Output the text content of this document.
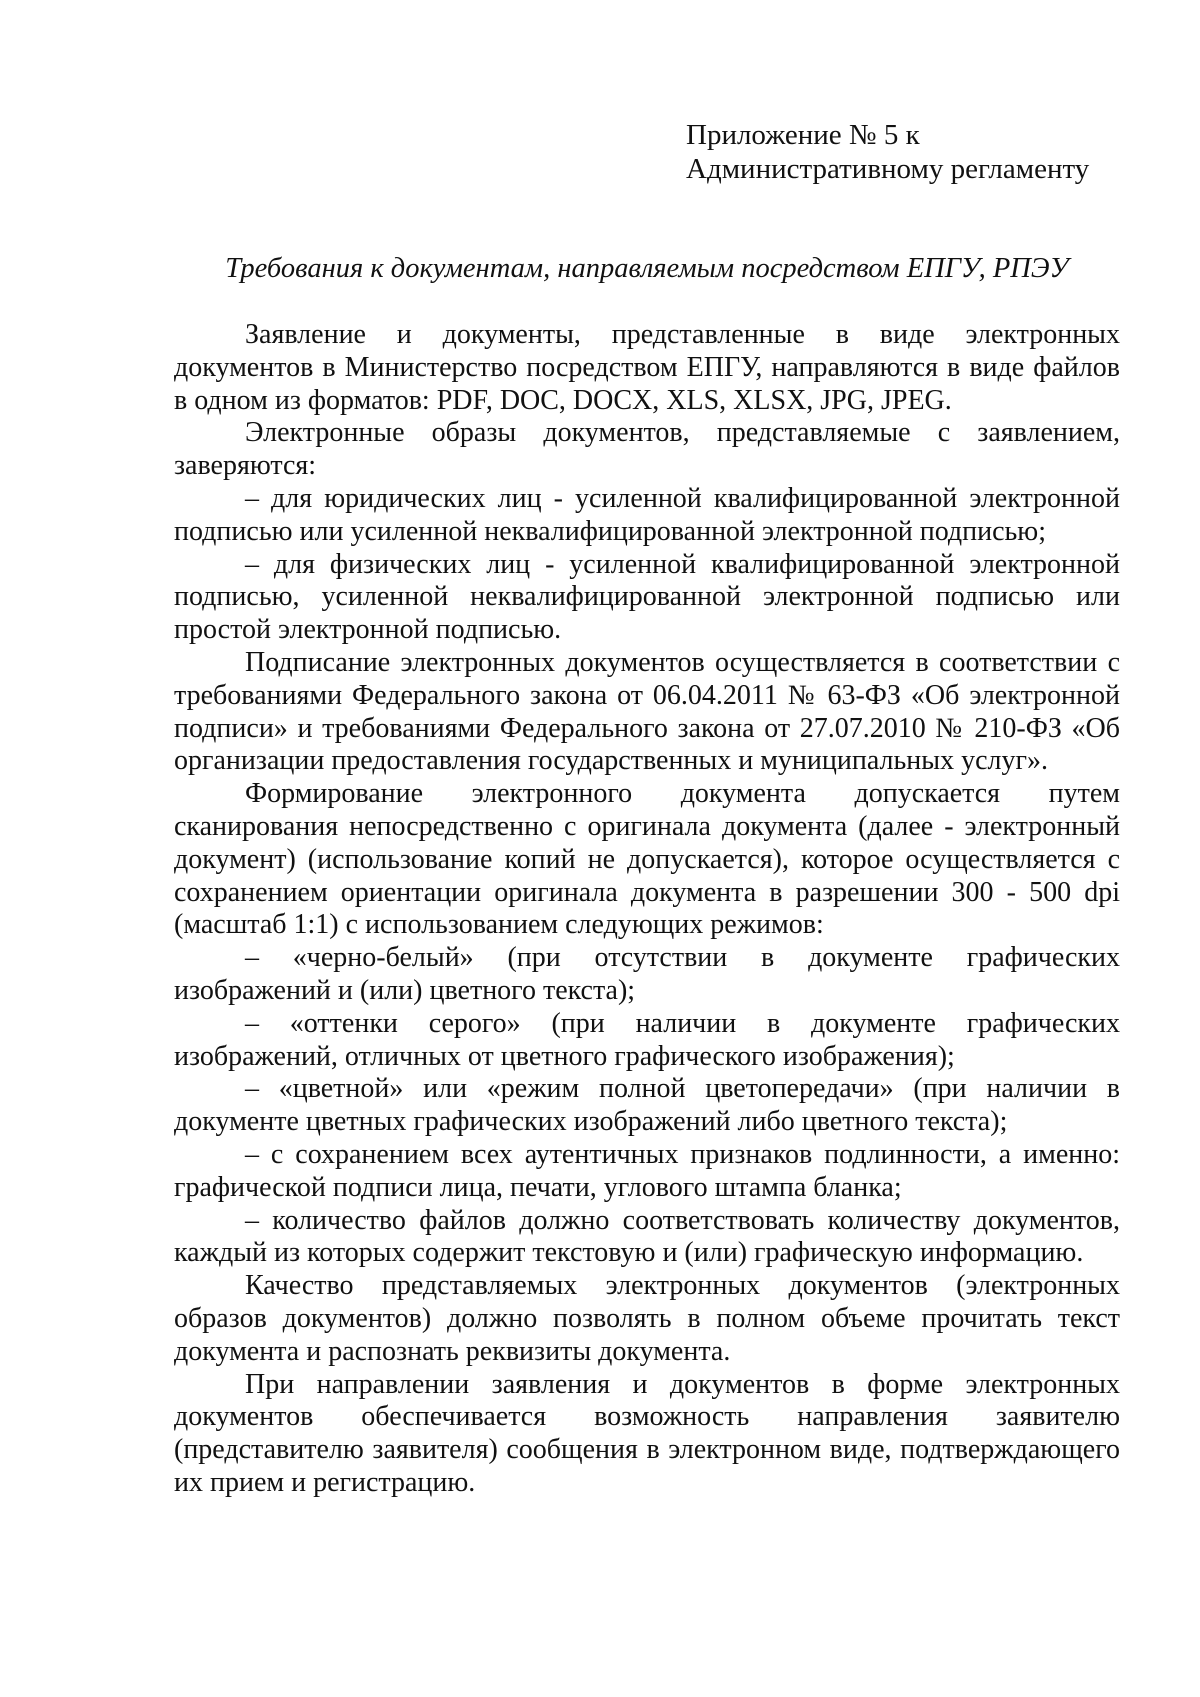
Приложение № 5 к
Административному регламенту
Требования к документам, направляемым посредством ЕПГУ, РПЭУ

Заявление и документы, представленные в виде электронных документов в Министерство посредством ЕПГУ, направляются в виде файлов в одном из форматов: PDF, DOC, DOCX, XLS, XLSX, JPG, JPEG.

Электронные образы документов, представляемые с заявлением, заверяются:

– для юридических лиц - усиленной квалифицированной электронной подписью или усиленной неквалифицированной электронной подписью;

– для физических лиц - усиленной квалифицированной электронной подписью, усиленной неквалифицированной электронной подписью или простой электронной подписью.

Подписание электронных документов осуществляется в соответствии с требованиями Федерального закона от 06.04.2011 № 63-ФЗ «Об электронной подписи» и требованиями Федерального закона от 27.07.2010 № 210-ФЗ «Об организации предоставления государственных и муниципальных услуг».

Формирование электронного документа допускается путем сканирования непосредственно с оригинала документа (далее - электронный документ) (использование копий не допускается), которое осуществляется с сохранением ориентации оригинала документа в разрешении 300 - 500 dpi (масштаб 1:1) с использованием следующих режимов:

– «черно-белый» (при отсутствии в документе графических изображений и (или) цветного текста);

– «оттенки серого» (при наличии в документе графических изображений, отличных от цветного графического изображения);

– «цветной» или «режим полной цветопередачи» (при наличии в документе цветных графических изображений либо цветного текста);

– с сохранением всех аутентичных признаков подлинности, а именно: графической подписи лица, печати, углового штампа бланка;

– количество файлов должно соответствовать количеству документов, каждый из которых содержит текстовую и (или) графическую информацию.

Качество представляемых электронных документов (электронных образов документов) должно позволять в полном объеме прочитать текст документа и распознать реквизиты документа.

При направлении заявления и документов в форме электронных документов обеспечивается возможность направления заявителю (представителю заявителя) сообщения в электронном виде, подтверждающего их прием и регистрацию.
